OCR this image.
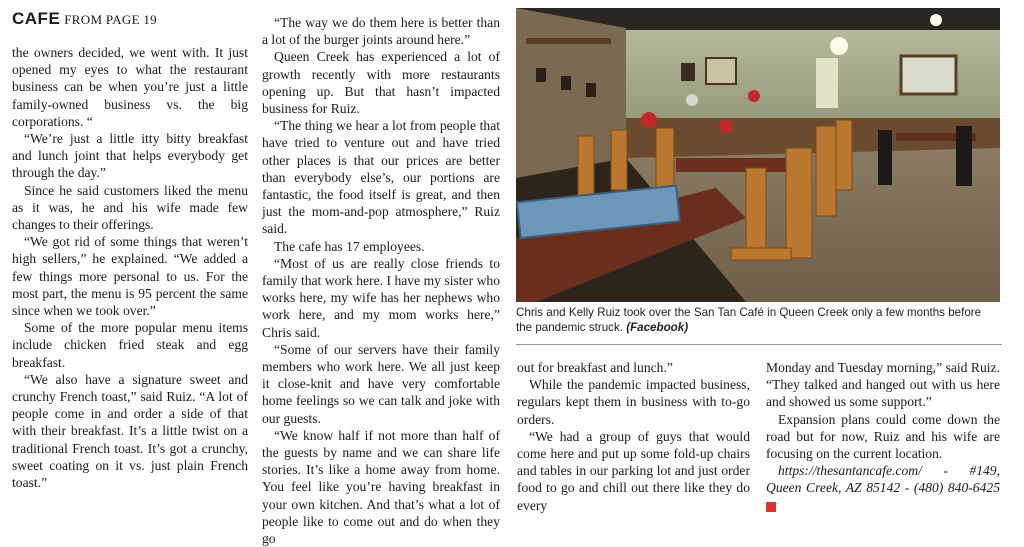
CAFE FROM PAGE 19

the owners decided, we went with. It just opened my eyes to what the restaurant business can be when you’re just a little family-owned business vs. the big corporations. “

“We’re just a little itty bitty breakfast and lunch joint that helps everybody get through the day.”

Since he said customers liked the menu as it was, he and his wife made few changes to their offerings.

“We got rid of some things that weren’t high sellers,” he explained. “We added a few things more personal to us. For the most part, the menu is 95 percent the same since when we took over.”

Some of the more popular menu items include chicken fried steak and egg breakfast.

“We also have a signature sweet and crunchy French toast,” said Ruiz. “A lot of people come in and order a side of that with their breakfast. It’s a little twist on a traditional French toast. It’s got a crunchy, sweet coating on it vs. just plain French toast.”

“The way we do them here is better than a lot of the burger joints around here.”

Queen Creek has experienced a lot of growth recently with more restaurants opening up. But that hasn’t impacted business for Ruiz.

“The thing we hear a lot from people that have tried to venture out and have tried other places is that our prices are better than everybody else’s, our portions are fantastic, the food itself is great, and then just the mom-and-pop atmosphere,” Ruiz said.

The cafe has 17 employees.

“Most of us are really close friends to family that work here. I have my sister who works here, my wife has her nephews who work here, and my mom works here,” Chris said.

“Some of our servers have their family members who work here. We all just keep it close-knit and have very comfortable home feelings so we can talk and joke with our guests.

“We know half if not more than half of the guests by name and we can share life stories. It’s like a home away from home. You feel like you’re having breakfast in your own kitchen. And that’s what a lot of people like to come out and do when they go

Chris and Kelly Ruiz took over the San Tan Café in Queen Creek only a few months before the pandemic struck. (Facebook)

out for breakfast and lunch.”

While the pandemic impacted business, regulars kept them in business with to-go orders.

“We had a group of guys that would come here and put up some fold-up chairs and tables in our parking lot and just order food to go and chill out there like they do every

Monday and Tuesday morning,” said Ruiz. “They talked and hanged out with us here and showed us some support.”

Expansion plans could come down the road but for now, Ruiz and his wife are focusing on the current location.

https://thesantancafe.com/ - #149, Queen Creek, AZ 85142 - (480) 840-6425 CC
